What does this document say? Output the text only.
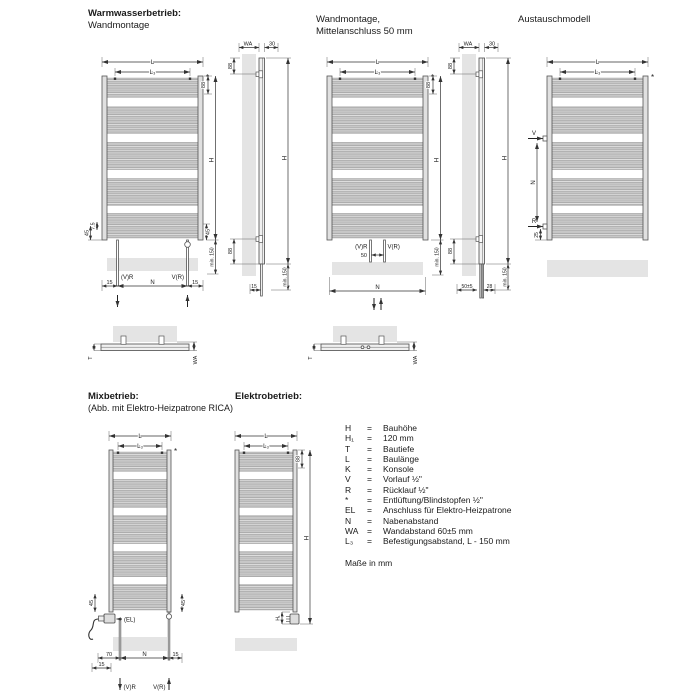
Warmwasserbetrieb:
Wandmontage	Wandmontage,
Mittelanschluss 50 mm
Austauschmodell
Mixbetrieb:
(Abb. mit Elektro-Heizpatrone RICA)
Elektrobetrieb:
L
L₃	*
88
H
7,5
45	45
min. 150
(V)R	V(R)
15	N	15
WA	30
88
88
H
min. 150
15
L
L₃	*
88
H
(V)R	V(R)
50	min. 150
N
WA	30
88
88
H
min. 150
50±5	28
L
L₃	*
V
R
N
25
T	WA	T	WA
L
L₃	*
45	45
(EL)
70	N	15
15
(V)R	V(R)
L
L₃
88
H
H₁
H	=	Bauhöhe
H₁	=	120 mm
T	=	Bautiefe
L	=	Baulänge
K	=	Konsole
V	=	Vorlauf ½"
R	=	Rücklauf ½"
*	=	Entlüftung/Blindstopfen ½"
EL	=	Anschluss für Elektro-Heizpatrone
N	=	Nabenabstand
WA	=	Wandabstand 60±5 mm
L₃	=	Befestigungsabstand, L - 150 mm
Maße in mm
